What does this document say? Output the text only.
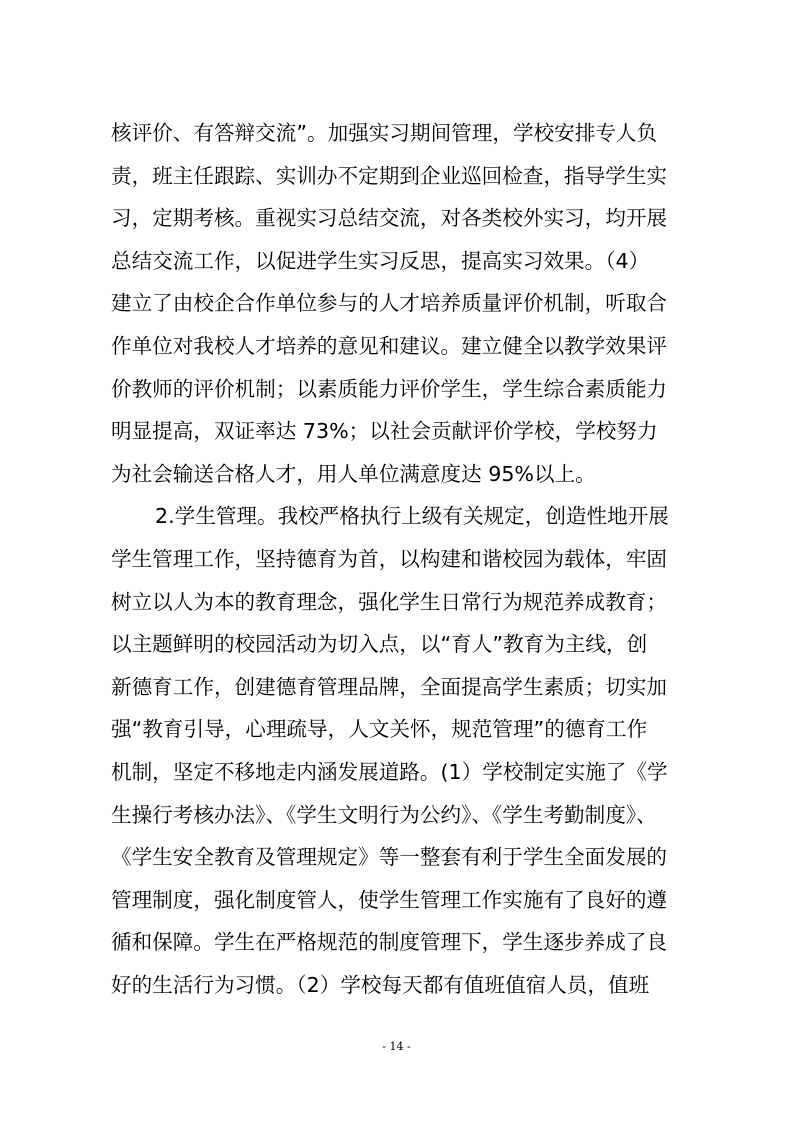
核评价、有答辩交流”。加强实习期间管理，学校安排专人负
责，班主任跟踪、实训办不定期到企业巡回检查，指导学生实
习，定期考核。重视实习总结交流，对各类校外实习，均开展
总结交流工作，以促进学生实习反思，提高实习效果。（4）
建立了由校企合作单位参与的人才培养质量评价机制，听取合
作单位对我校人才培养的意见和建议。建立健全以教学效果评
价教师的评价机制；以素质能力评价学生，学生综合素质能力
明显提高，双证率达 73%；以社会贡献评价学校，学校努力
为社会输送合格人才，用人单位满意度达 95%以上。
2.学生管理。我校严格执行上级有关规定，创造性地开展
学生管理工作，坚持德育为首，以构建和谐校园为载体，牢固
树立以人为本的教育理念，强化学生日常行为规范养成教育；
以主题鲜明的校园活动为切入点，以“育人”教育为主线，创
新德育工作，创建德育管理品牌，全面提高学生素质；切实加
强“教育引导，心理疏导，人文关怀，规范管理”的德育工作
机制，坚定不移地走内涵发展道路。(1）学校制定实施了《学
生操行考核办法》、《学生文明行为公约》、《学生考勤制度》、
《学生安全教育及管理规定》等一整套有利于学生全面发展的
管理制度，强化制度管人，使学生管理工作实施有了良好的遵
循和保障。学生在严格规范的制度管理下，学生逐步养成了良
好的生活行为习惯。（2）学校每天都有值班值宿人员，值班
- 14 -
